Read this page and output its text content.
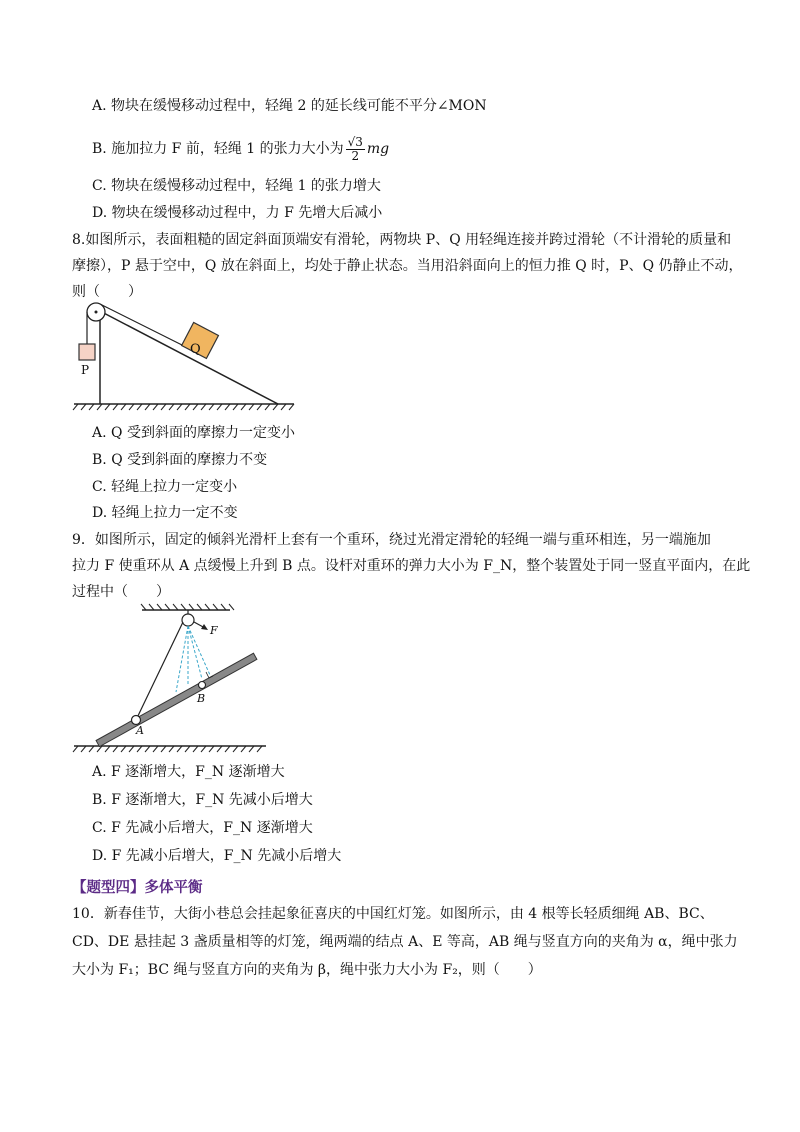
A. 物块在缓慢移动过程中，轻绳 2 的延长线可能不平分∠MON
B. 施加拉力 F 前，轻绳 1 的张力大小为 $\frac{√3}{2}$ mg
C. 物块在缓慢移动过程中，轻绳 1 的张力增大
D. 物块在缓慢移动过程中，力 F 先增大后减小
8.如图所示，表面粗糙的固定斜面顶端安有滑轮，两物块 P、Q 用轻绳连接并跨过滑轮（不计滑轮的质量和
摩擦），P 悬于空中，Q 放在斜面上，均处于静止状态。当用沿斜面向上的恒力推 Q 时，P、Q 仍静止不动，
则（　　）
Q
P
A. Q 受到斜面的摩擦力一定变小
B. Q 受到斜面的摩擦力不变
C. 轻绳上拉力一定变小
D. 轻绳上拉力一定不变
9．如图所示，固定的倾斜光滑杆上套有一个重环，绕过光滑定滑轮的轻绳一端与重环相连，另一端施加
拉力 F 使重环从 A 点缓慢上升到 B 点。设杆对重环的弹力大小为 F_N，整个装置处于同一竖直平面内，在此
过程中（　　）
F
A
B
A. F 逐渐增大，F_N 逐渐增大
B. F 逐渐增大，F_N 先减小后增大
C. F 先减小后增大，F_N 逐渐增大
D. F 先减小后增大，F_N 先减小后增大
【题型四】多体平衡
10．新春佳节，大街小巷总会挂起象征喜庆的中国红灯笼。如图所示，由 4 根等长轻质细绳 AB、BC、
CD、DE 悬挂起 3 盏质量相等的灯笼，绳两端的结点 A、E 等高，AB 绳与竖直方向的夹角为 α，绳中张力
大小为 F₁；BC 绳与竖直方向的夹角为 β，绳中张力大小为 F₂，则（　　）
